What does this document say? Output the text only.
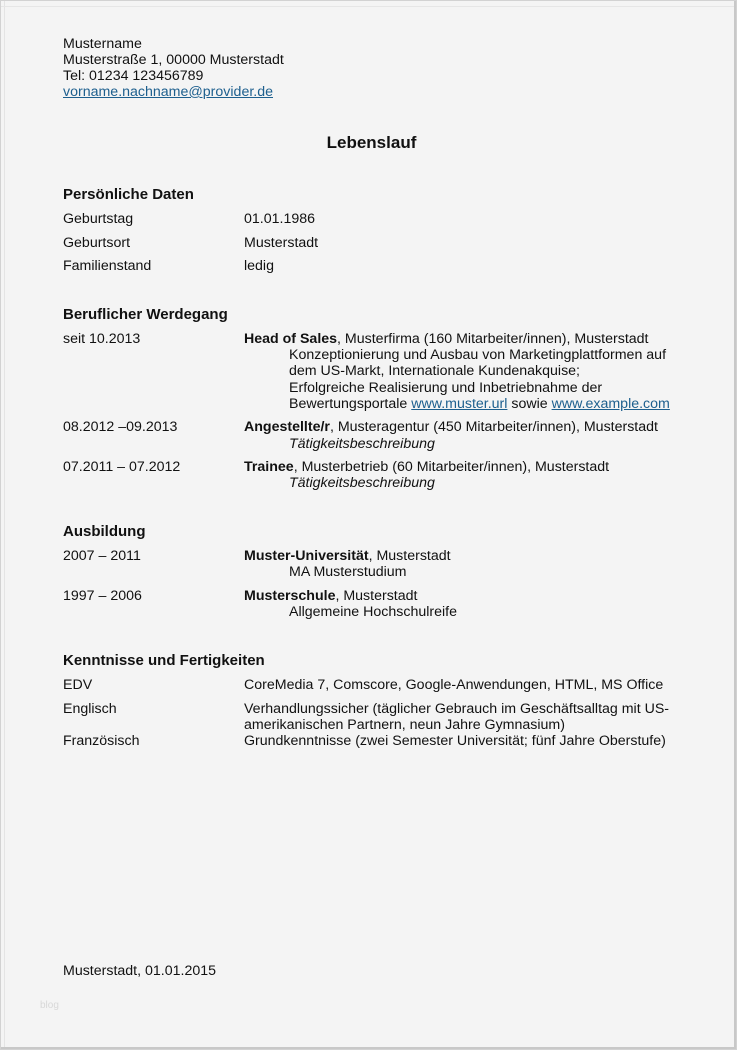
Mustername
Musterstraße 1, 00000 Musterstadt
Tel: 01234 123456789
vorname.nachname@provider.de
Lebenslauf
Persönliche Daten
Geburtstag	01.01.1986
Geburtsort	Musterstadt
Familienstand	ledig
Beruflicher Werdegang
seit 10.2013	Head of Sales, Musterfirma (160 Mitarbeiter/innen), Musterstadt
Konzeptionierung und Ausbau von Marketingplattformen auf
dem US-Markt, Internationale Kundenakquise;
Erfolgreiche Realisierung und Inbetriebnahme der
Bewertungsportale www.muster.url sowie www.example.com
08.2012 –09.2013	Angestellte/r, Musteragentur (450 Mitarbeiter/innen), Musterstadt
Tätigkeitsbeschreibung
07.2011 – 07.2012	Trainee, Musterbetrieb (60 Mitarbeiter/innen), Musterstadt
Tätigkeitsbeschreibung
Ausbildung
2007 – 2011	Muster-Universität, Musterstadt
MA Musterstudium
1997 – 2006	Musterschule, Musterstadt
Allgemeine Hochschulreife
Kenntnisse und Fertigkeiten
EDV	CoreMedia 7, Comscore, Google-Anwendungen, HTML, MS Office
Englisch	Verhandlungssicher (täglicher Gebrauch im Geschäftsalltag mit US-
amerikanischen Partnern, neun Jahre Gymnasium)
Französisch	Grundkenntnisse (zwei Semester Universität; fünf Jahre Oberstufe)
Musterstadt, 01.01.2015
blog
